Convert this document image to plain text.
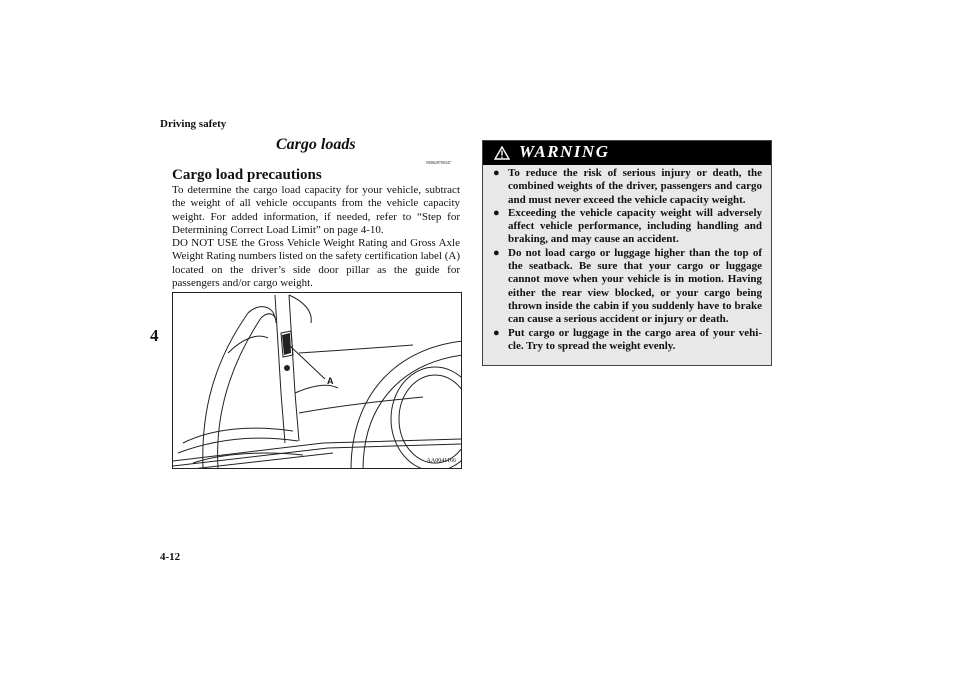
Driving safety
4
4-12
Cargo loads
N00629700347
Cargo load precautions

To determine the cargo load capacity for your vehicle, subtract the weight of all vehicle occupants from the vehicle capacity weight. For added information, if needed, refer to “Step for Determining Correct Load Limit” on page 4-10.

DO NOT USE the Gross Vehicle Weight Rating and Gross Axle Weight Rating numbers listed on the safety certification label (A) located on the driver’s side door pillar as the guide for passengers and/or cargo weight.

A
AA0041166
WARNING
● To reduce the risk of serious injury or death, the combined weights of the driver, passengers and cargo and must never exceed the vehicle capacity weight.
● Exceeding the vehicle capacity weight will adversely affect vehicle performance, including handling and braking, and may cause an accident.
● Do not load cargo or luggage higher than the top of the seatback. Be sure that your cargo or luggage cannot move when your vehicle is in motion. Having either the rear view blocked, or your cargo being thrown inside the cabin if you suddenly have to brake can cause a serious accident or injury or death.
● Put cargo or luggage in the cargo area of your vehi-cle. Try to spread the weight evenly.
